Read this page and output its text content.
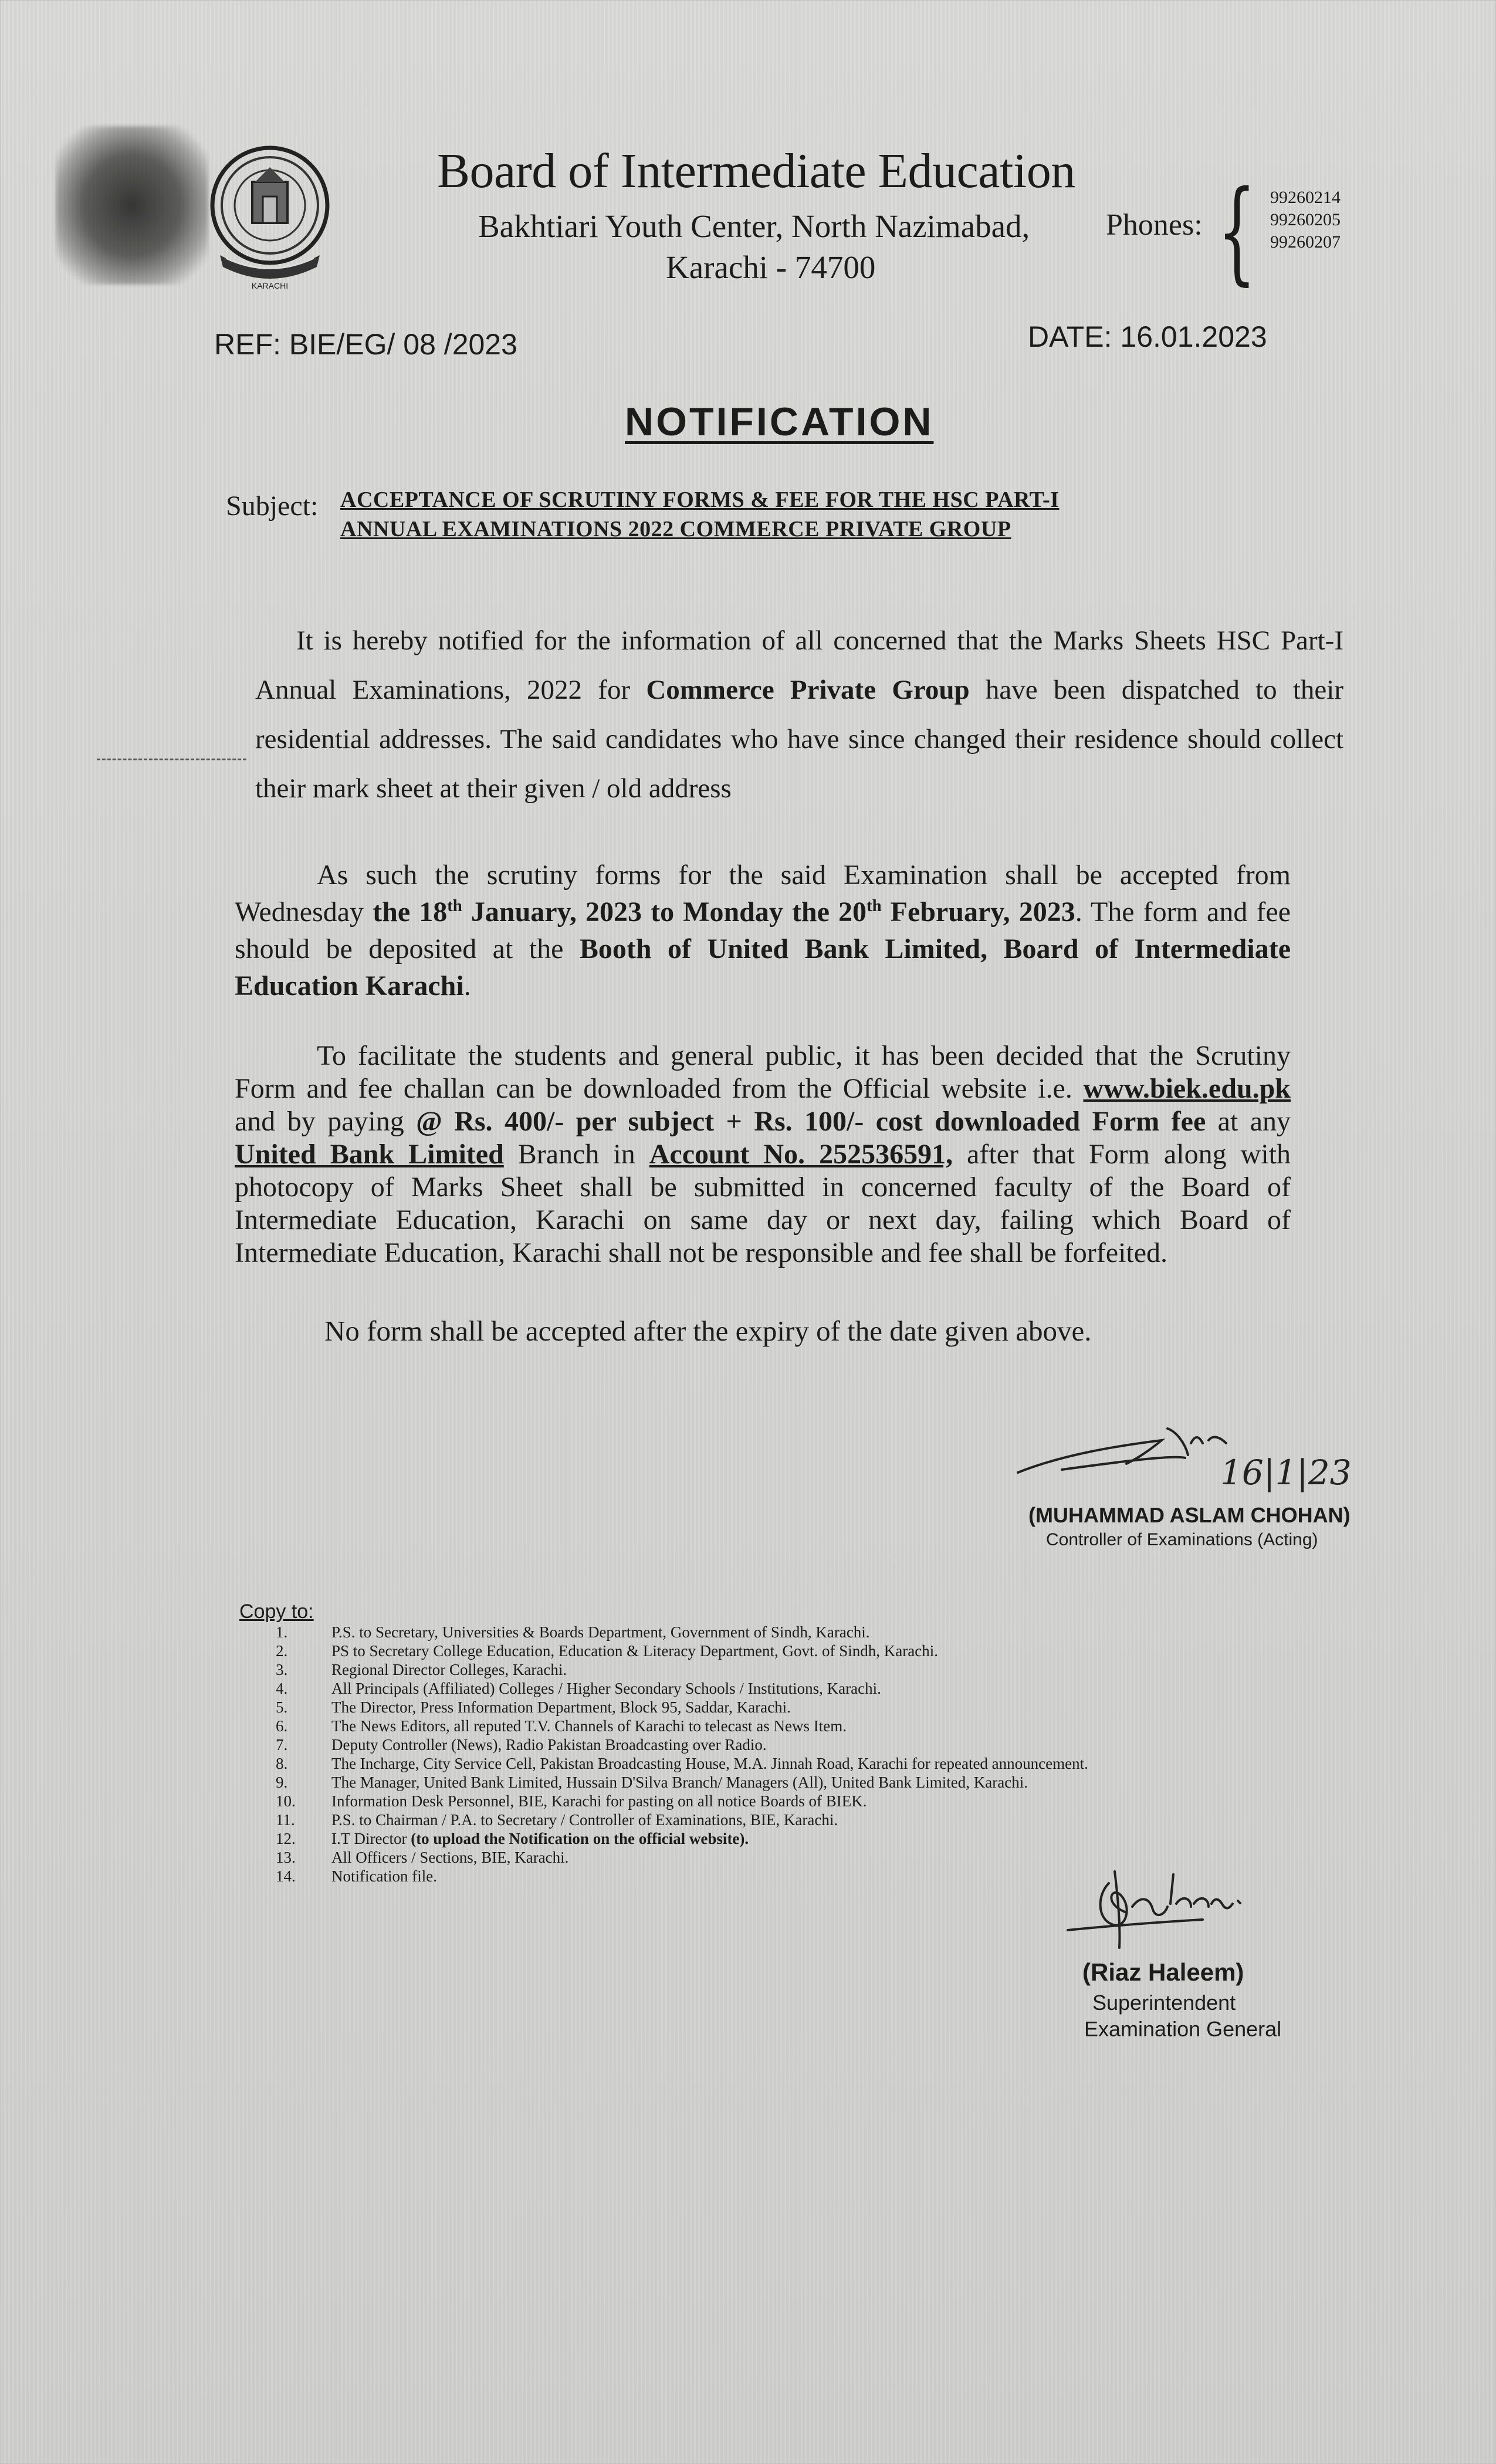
KARACHI
Board of Intermediate Education
Bakhtiari Youth Center, North Nazimabad,
Karachi - 74700
Phones: { 99260214
99260205
99260207
REF: BIE/EG/ 08 /2023	DATE: 16.01.2023
NOTIFICATION
Subject: ACCEPTANCE OF SCRUTINY FORMS & FEE FOR THE HSC PART-I
ANNUAL EXAMINATIONS 2022 COMMERCE PRIVATE GROUP

It is hereby notified for the information of all concerned that the Marks Sheets HSC Part-I Annual Examinations, 2022 for Commerce Private Group have been dispatched to their residential addresses. The said candidates who have since changed their residence should collect their mark sheet at their given / old address

As such the scrutiny forms for the said Examination shall be accepted from Wednesday the 18th January, 2023 to Monday the 20th February, 2023. The form and fee should be deposited at the Booth of United Bank Limited, Board of Intermediate Education Karachi.

To facilitate the students and general public, it has been decided that the Scrutiny Form and fee challan can be downloaded from the Official website i.e. www.biek.edu.pk and by paying @ Rs. 400/- per subject + Rs. 100/- cost downloaded Form fee at any United Bank Limited Branch in Account No. 252536591, after that Form along with photocopy of Marks Sheet shall be submitted in concerned faculty of the Board of Intermediate Education, Karachi on same day or next day, failing which Board of Intermediate Education, Karachi shall not be responsible and fee shall be forfeited.

No form shall be accepted after the expiry of the date given above.
16|1|23
(MUHAMMAD ASLAM CHOHAN)
Controller of Examinations (Acting)
Copy to:
1.	P.S. to Secretary, Universities & Boards Department, Government of Sindh, Karachi.
2.	PS to Secretary College Education, Education & Literacy Department, Govt. of Sindh, Karachi.
3.	Regional Director Colleges, Karachi.
4.	All Principals (Affiliated) Colleges / Higher Secondary Schools / Institutions, Karachi.
5.	The Director, Press Information Department, Block 95, Saddar, Karachi.
6.	The News Editors, all reputed T.V. Channels of Karachi to telecast as News Item.
7.	Deputy Controller (News), Radio Pakistan Broadcasting over Radio.
8.	The Incharge, City Service Cell, Pakistan Broadcasting House, M.A. Jinnah Road, Karachi for repeated announcement.
9.	The Manager, United Bank Limited, Hussain D'Silva Branch/ Managers (All), United Bank Limited, Karachi.
10. Information Desk Personnel, BIE, Karachi for pasting on all notice Boards of BIEK.
11. P.S. to Chairman / P.A. to Secretary / Controller of Examinations, BIE, Karachi.
12. I.T Director (to upload the Notification on the official website).
13. All Officers / Sections, BIE, Karachi.
14. Notification file.
(Riaz Haleem)
Superintendent
Examination General
